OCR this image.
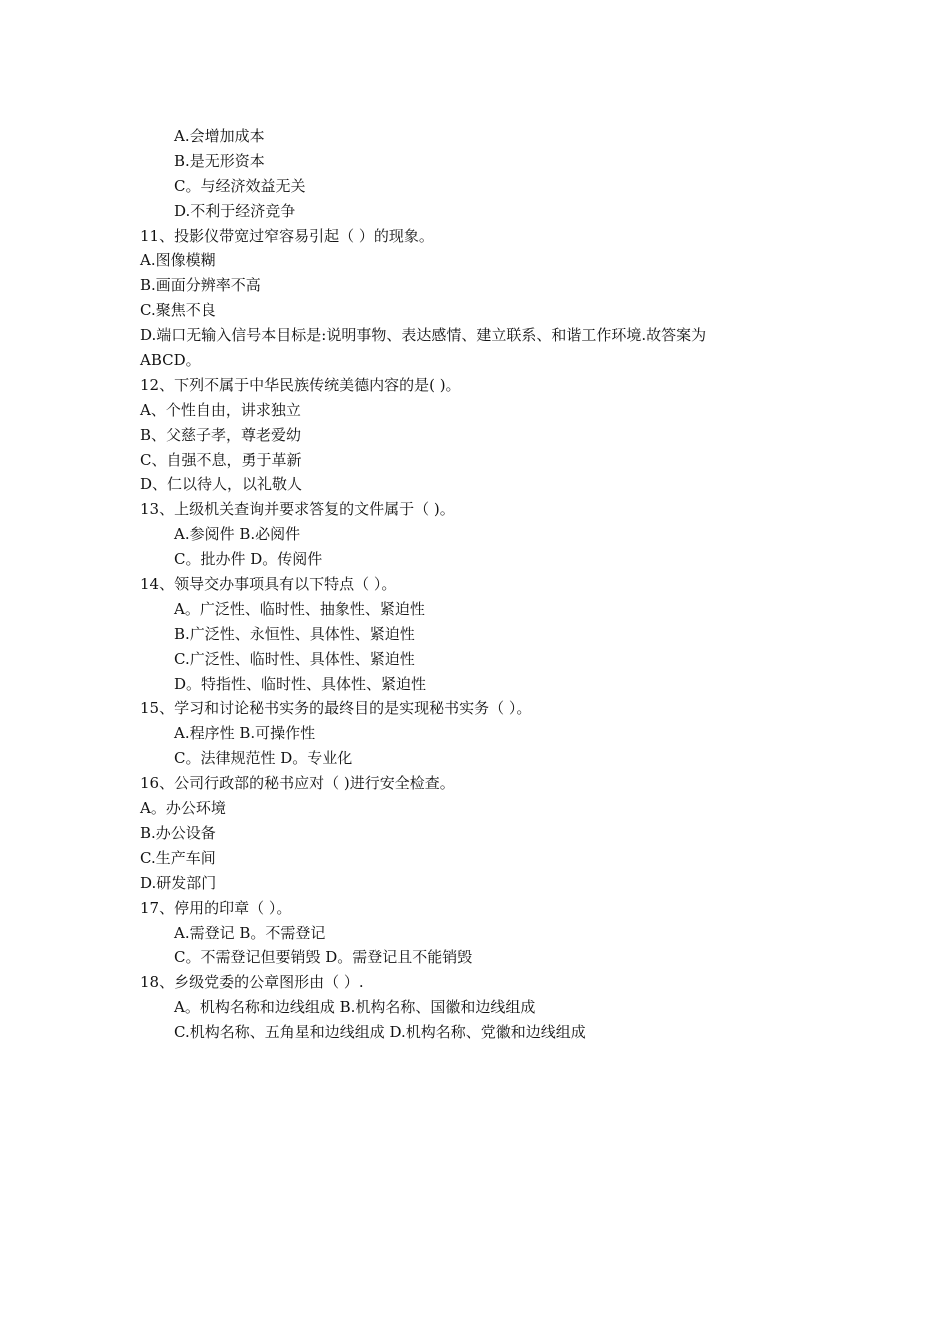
A.会增加成本
B.是无形资本
C。与经济效益无关
D.不利于经济竞争
11、投影仪带宽过窄容易引起（ ）的现象。
A.图像模糊
B.画面分辨率不高
C.聚焦不良
D.端口无输入信号本目标是:说明事物、表达感情、建立联系、和谐工作环境.故答案为
ABCD。
12、下列不属于中华民族传统美德内容的是( )。
A、个性自由，讲求独立
B、父慈子孝，尊老爱幼
C、自强不息，勇于革新
D、仁以待人，以礼敬人
13、上级机关查询并要求答复的文件属于（ )。
A.参阅件 B.必阅件
C。批办件 D。传阅件
14、领导交办事项具有以下特点（ ）。
A。广泛性、临时性、抽象性、紧迫性
B.广泛性、永恒性、具体性、紧迫性
C.广泛性、临时性、具体性、紧迫性
D。特指性、临时性、具体性、紧迫性
15、学习和讨论秘书实务的最终目的是实现秘书实务（ ）。
A.程序性 B.可操作性
C。法律规范性 D。专业化
16、公司行政部的秘书应对（ )进行安全检查。
A。办公环境
B.办公设备
C.生产车间
D.研发部门
17、停用的印章（ ）。
A.需登记 B。不需登记
C。不需登记但要销毁 D。需登记且不能销毁
18、乡级党委的公章图形由（ ）.
A。机构名称和边线组成 B.机构名称、国徽和边线组成
C.机构名称、五角星和边线组成 D.机构名称、党徽和边线组成
